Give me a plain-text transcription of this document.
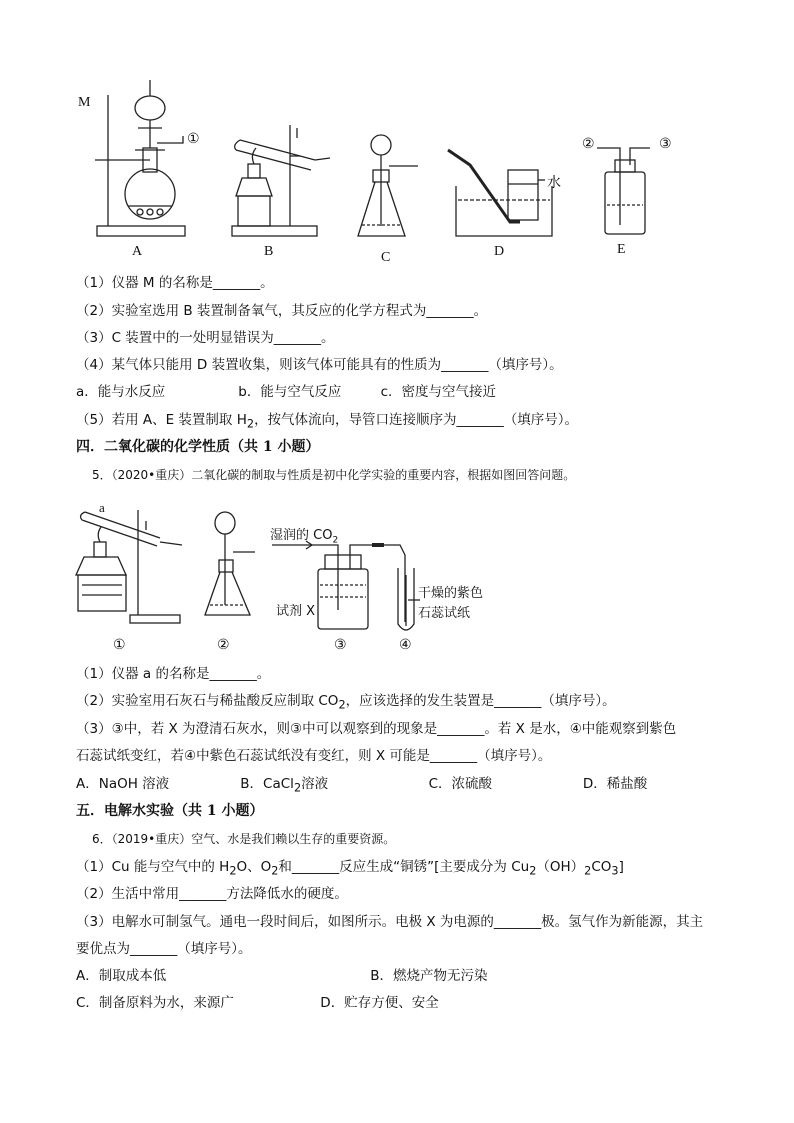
M
①	②	③
水
A	B	C	D	E
（1）仪器 M 的名称是_______。
（2）实验室选用 B 装置制备氧气，其反应的化学方程式为_______。
（3）C 装置中的一处明显错误为_______。
（4）某气体只能用 D 装置收集，则该气体可能具有的性质为_______（填序号）。
a．能与水反应	b．能与空气反应	c．密度与空气接近
（5）若用 A、E 装置制取 $H_2$，按气体流向，导管口连接顺序为_______（填序号）。
四．二氧化碳的化学性质（共 1 小题）
5．（2020•重庆）二氧化碳的制取与性质是初中化学实验的重要内容，根据如图回答问题。
a
湿润的 $CO_2$
试剂 X
干燥的紫色
石蕊试纸
①	②	③	④
（1）仪器 a 的名称是_______。
（2）实验室用石灰石与稀盐酸反应制取 $CO_2$，应该选择的发生装置是_______（填序号）。
（3）③中，若 X 为澄清石灰水，则③中可以观察到的现象是_______。若 X 是水，④中能观察到紫色
石蕊试纸变红，若④中紫色石蕊试纸没有变红，则 X 可能是_______（填序号）。
A．NaOH 溶液	B．CaCl$_2$溶液	C．浓硫酸	D．稀盐酸
五．电解水实验（共 1 小题）
6．（2019•重庆）空气、水是我们赖以生存的重要资源。
（1）Cu 能与空气中的 $H_2O$、$O_2$和_______反应生成“铜锈”[主要成分为 $Cu_2(OH)_2CO_3$]
（2）生活中常用_______方法降低水的硬度。
（3）电解水可制氢气。通电一段时间后，如图所示。电极 X 为电源的_______极。氢气作为新能源，其主
要优点为_______（填序号）。
A．制取成本低	B．燃烧产物无污染
C．制备原料为水，来源广	D．贮存方便、安全
